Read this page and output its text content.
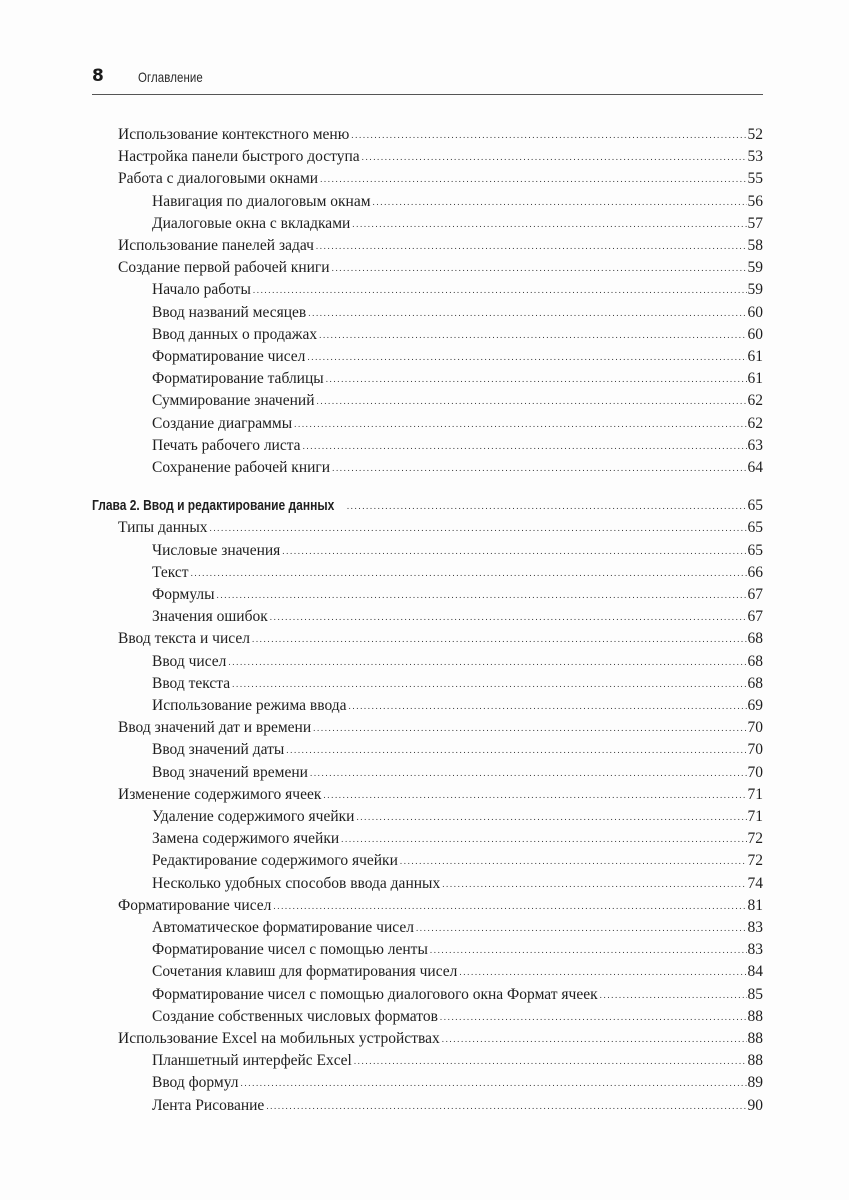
8 Оглавление
Использование контекстного меню .....	52
Настройка панели быстрого доступа .....	53
Работа с диалоговыми окнами .....	55
Навигация по диалоговым окнам .....	56
Диалоговые окна с вкладками .....	57
Использование панелей задач .....	58
Создание первой рабочей книги .....	59
Начало работы .....	59
Ввод названий месяцев .....	60
Ввод данных о продажах .....	60
Форматирование чисел .....	61
Форматирование таблицы .....	61
Суммирование значений .....	62
Создание диаграммы .....	62
Печать рабочего листа .....	63
Сохранение рабочей книги .....	64
Глава 2. Ввод и редактирование данных .....	65
Типы данных .....	65
Числовые значения .....	65
Текст .....	66
Формулы .....	67
Значения ошибок .....	67
Ввод текста и чисел .....	68
Ввод чисел .....	68
Ввод текста .....	68
Использование режима ввода .....	69
Ввод значений дат и времени .....	70
Ввод значений даты .....	70
Ввод значений времени .....	70
Изменение содержимого ячеек .....	71
Удаление содержимого ячейки .....	71
Замена содержимого ячейки .....	72
Редактирование содержимого ячейки .....	72
Несколько удобных способов ввода данных .....	74
Форматирование чисел .....	81
Автоматическое форматирование чисел .....	83
Форматирование чисел с помощью ленты .....	83
Сочетания клавиш для форматирования чисел .....	84
Форматирование чисел с помощью диалогового окна Формат ячеек .....	85
Создание собственных числовых форматов .....	88
Использование Excel на мобильных устройствах .....	88
Планшетный интерфейс Excel .....	88
Ввод формул .....	89
Лента Рисование .....	90
